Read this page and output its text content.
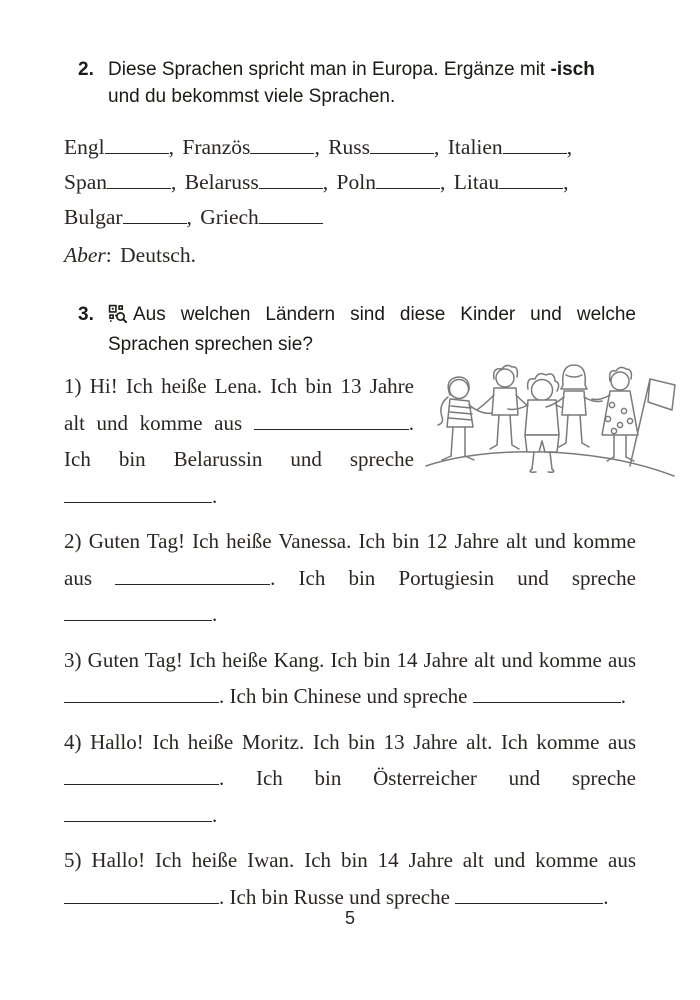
2. Diese Sprachen spricht man in Europa. Ergänze mit -isch
und du bekommst viele Sprachen.
Engl	, Französ	, Russ	, Italien	,
Span	, Belaruss	, Poln	, Litau	,
Bulgar	, Griech
Aber: Deutsch.
3.	Aus welchen Ländern sind diese Kinder und welche
Sprachen sprechen sie?

1) Hi! Ich heiße Lena. Ich bin 13 Jahre alt und komme aus	. Ich bin Belarussin und spreche .

2) Guten Tag! Ich heiße Vanessa. Ich bin 12 Jahre alt und komme aus	. Ich bin Portugiesin und spreche .

3) Guten Tag! Ich heiße Kang. Ich bin 14 Jahre alt und komme aus . Ich bin Chinese und spreche	.

4) Hallo! Ich heiße Moritz. Ich bin 13 Jahre alt. Ich komme aus . Ich bin Österreicher und spreche .

5) Hallo! Ich heiße Iwan. Ich bin 14 Jahre alt und komme aus . Ich bin Russe und spreche	.

5
